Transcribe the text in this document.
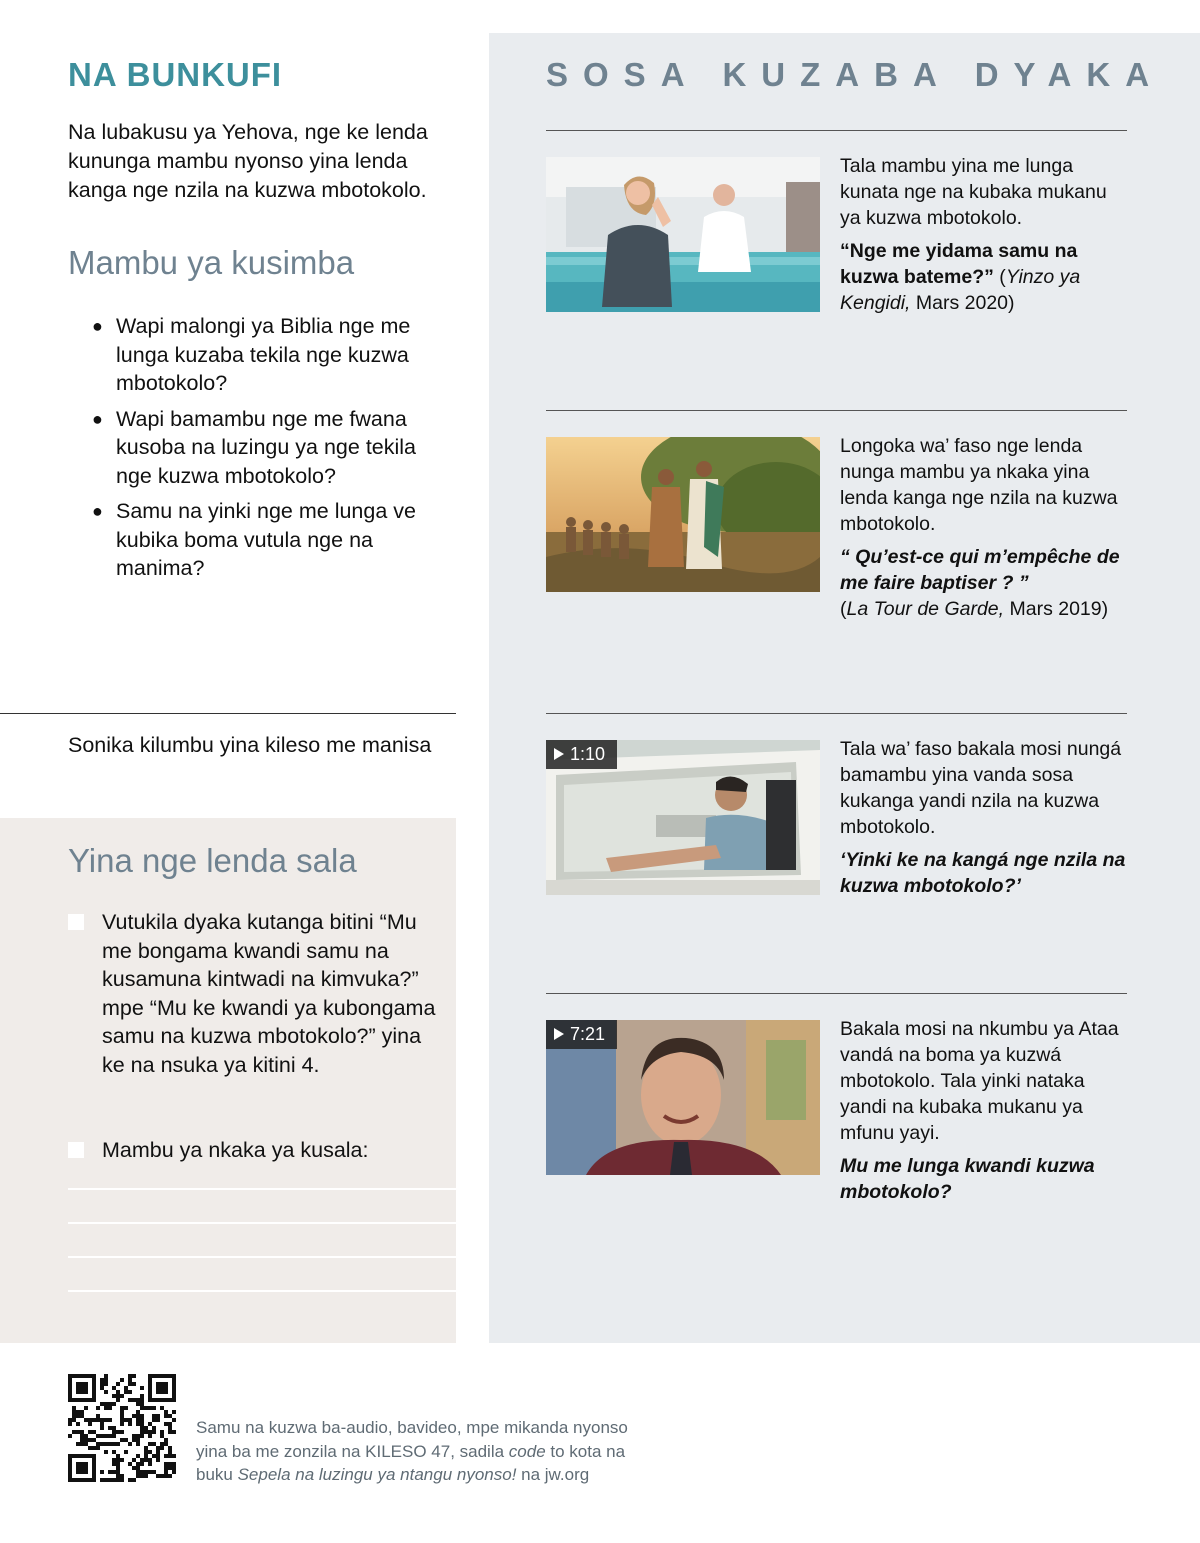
NA BUNKUFI

Na lubakusu ya Yehova, nge ke lenda kununga mambu nyonso yina lenda kanga nge nzila na kuzwa mbotokolo.

Mambu ya kusimba
● Wapi malongi ya Biblia nge me lunga kuzaba tekila nge kuzwa mbotokolo?
● Wapi bamambu nge me fwana kusoba na luzingu ya nge tekila nge kuzwa mbotokolo?
● Samu na yinki nge me lunga ve kubika boma vutula nge na manima?
Sonika kilumbu yina kileso me manisa
Yina nge lenda sala
Vutukila dyaka kutanga bitini “Mu me bongama kwandi samu na kusamuna kintwadi na kimvuka?” mpe “Mu ke kwandi ya kubongama samu na kuzwa mbotokolo?” yina ke na nsuka ya kitini 4.
Mambu ya nkaka ya kusala:
SOSA KUZABA DYAKA

Tala mambu yina me lunga kunata nge na kubaka mukanu ya kuzwa mbotokolo.

“Nge me yidama samu na kuzwa bateme?” (Yinzo ya Kengidi, Mars 2020)

Longoka wa’ faso nge lenda nunga mambu ya nkaka yina lenda kanga nge nzila na kuzwa mbotokolo.

“ Qu’est-ce qui m’empêche de me faire baptiser ? ”
(La Tour de Garde, Mars 2019)

1:10	Tala wa’ faso bakala mosi nungá bamambu yina vanda sosa kukanga yandi nzila na kuzwa mbotokolo.

‘Yinki ke na kangá nge nzila na kuzwa mbotokolo?’

7:21	Bakala mosi na nkumbu ya Ataa vandá na boma ya kuzwá mbotokolo. Tala yinki nataka yandi na kubaka mukanu ya mfunu yayi.

Mu me lunga kwandi kuzwa mbotokolo?

Samu na kuzwa ba-audio, bavideo, mpe mikanda nyonso
yina ba me zonzila na KILESO 47, sadila code to kota na
buku Sepela na luzingu ya ntangu nyonso! na jw.org
